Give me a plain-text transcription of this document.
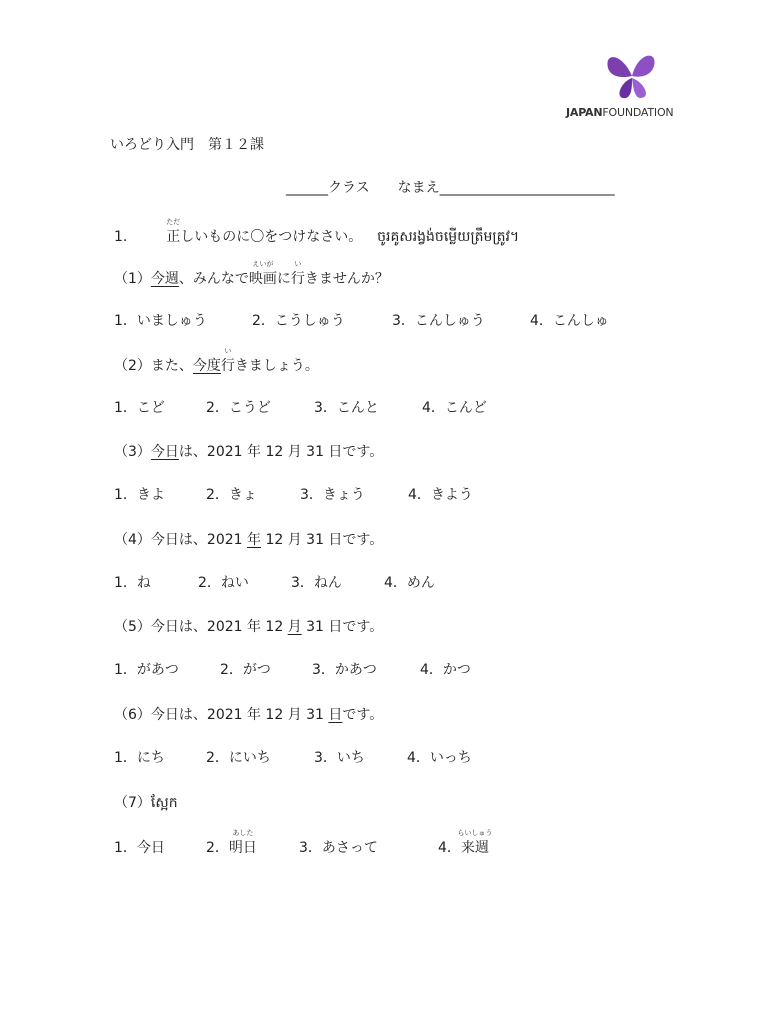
JAPANFOUNDATION
いろどり入門　第１２課
______クラス　　なまえ_________________________
1.	正
ただ
しいものに〇をつけなさい。 ចូរគូសរង្វង់ចម្លើយត្រឹមត្រូវ។
（1）今週、みんなで映画
えいが
に行
い
きませんか？
1．いましゅう	2．こうしゅう	3．こんしゅう	4．こんしゅ
（2）また、今度行
い
きましょう。
1．こど	2．こうど	3．こんと	4．こんど
（3）今日は、2021 年 12 月 31 日です。
1．きよ	2．きょ	3．きょう	4．きよう
（4）今日は、2021 年 12 月 31 日です。
1．ね	2．ねい	3．ねん	4．めん
（5）今日は、2021 年 12 月 31 日です。
1．があつ	2．がつ	3．かあつ	4．かつ
（6）今日は、2021 年 12 月 31 日です。
1．にち	2．にいち	3．いち	4．いっち
（7）ស្អែក
1．今日	2．明日
あした
3．あさって	4．来週
らいしゅう
